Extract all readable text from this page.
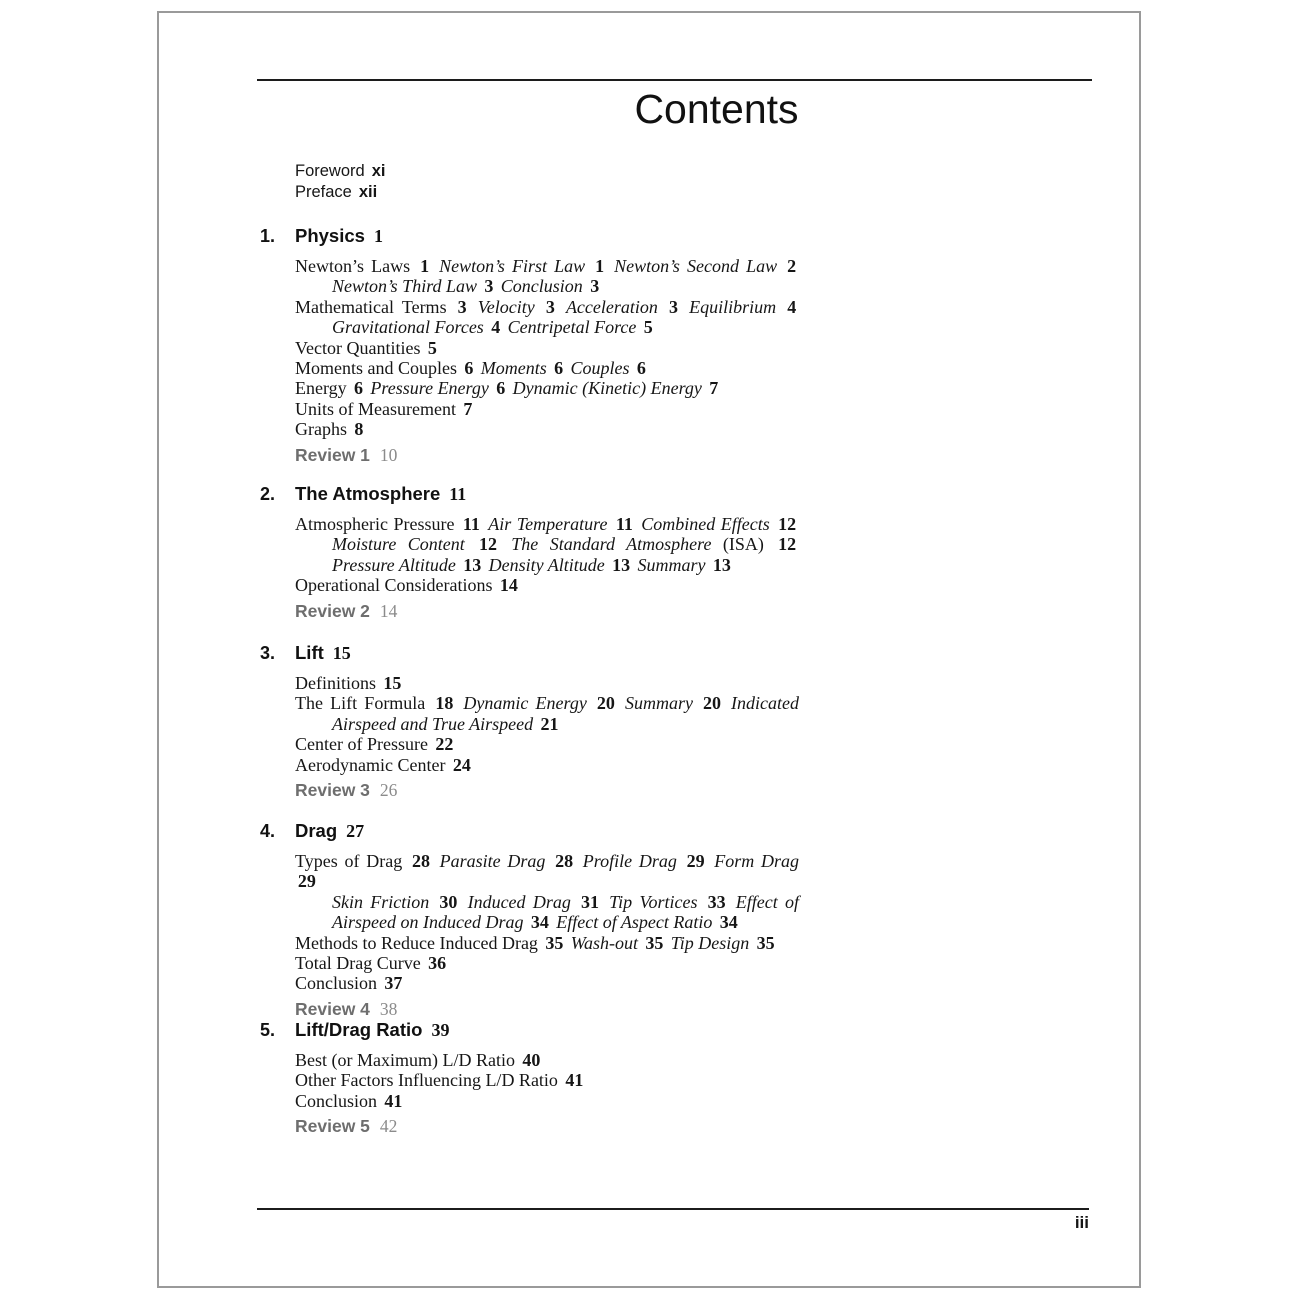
Contents
Foreword xi
Preface xii
1. Physics 1
Newton’s Laws 1 Newton’s First Law 1 Newton’s Second Law 2
Newton’s Third Law 3 Conclusion 3
Mathematical Terms 3 Velocity 3 Acceleration 3 Equilibrium 4
Gravitational Forces 4 Centripetal Force 5
Vector Quantities 5
Moments and Couples 6 Moments 6 Couples 6
Energy 6 Pressure Energy 6 Dynamic (Kinetic) Energy 7
Units of Measurement 7
Graphs 8
Review 1 10
2. The Atmosphere 11
Atmospheric Pressure 11 Air Temperature 11 Combined Effects 12
Moisture Content 12 The Standard Atmosphere (ISA) 12
Pressure Altitude 13 Density Altitude 13 Summary 13
Operational Considerations 14
Review 2 14
3. Lift 15
Definitions 15
The Lift Formula 18 Dynamic Energy 20 Summary 20 Indicated
Airspeed and True Airspeed 21
Center of Pressure 22
Aerodynamic Center 24
Review 3 26
4. Drag 27
Types of Drag 28 Parasite Drag 28 Profile Drag 29 Form Drag 29
Skin Friction 30 Induced Drag 31 Tip Vortices 33 Effect of
Airspeed on Induced Drag 34 Effect of Aspect Ratio 34
Methods to Reduce Induced Drag 35 Wash-out 35 Tip Design 35
Total Drag Curve 36
Conclusion 37
Review 4 38
5. Lift/Drag Ratio 39
Best (or Maximum) L/D Ratio 40
Other Factors Influencing L/D Ratio 41
Conclusion 41
Review 5 42
iii
